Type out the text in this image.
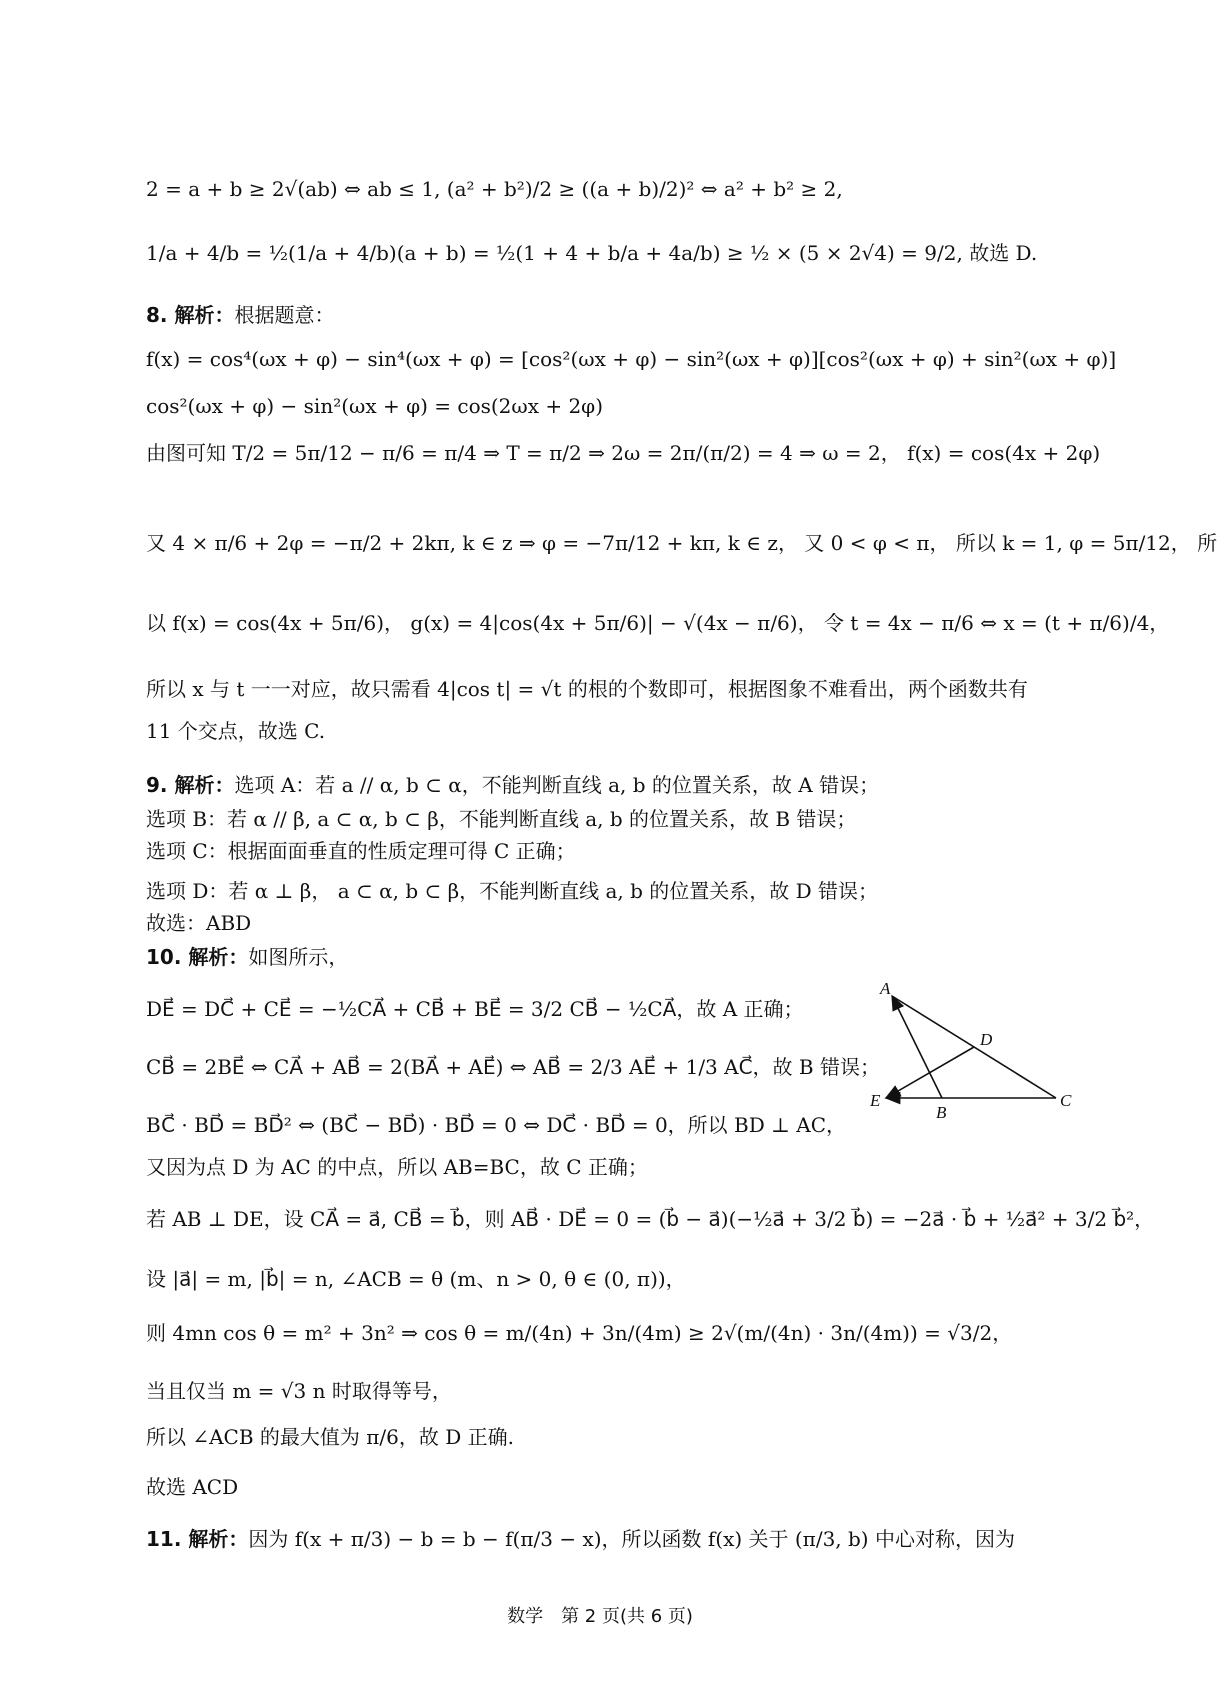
2 = a + b ≥ 2√(ab) ⇔ ab ≤ 1, (a² + b²)/2 ≥ ((a + b)/2)² ⇔ a² + b² ≥ 2,
1/a + 4/b = ½(1/a + 4/b)(a + b) = ½(1 + 4 + b/a + 4a/b) ≥ ½ × (5 × 2√4) = 9/2, 故选 D.
8. 解析：根据题意：
f(x) = cos⁴(ωx + φ) − sin⁴(ωx + φ) = [cos²(ωx + φ) − sin²(ωx + φ)][cos²(ωx + φ) + sin²(ωx + φ)]
cos²(ωx + φ) − sin²(ωx + φ) = cos(2ωx + 2φ)
由图可知 T/2 = 5π/12 − π/6 = π/4 ⇒ T = π/2 ⇒ 2ω = 2π/(π/2) = 4 ⇒ ω = 2， f(x) = cos(4x + 2φ)
又 4 × π/6 + 2φ = −π/2 + 2kπ, k ∈ z ⇒ φ = −7π/12 + kπ, k ∈ z， 又 0 < φ < π， 所以 k = 1, φ = 5π/12， 所
以 f(x) = cos(4x + 5π/6)， g(x) = 4|cos(4x + 5π/6)| − √(4x − π/6)， 令 t = 4x − π/6 ⇔ x = (t + π/6)/4，
所以 x 与 t 一一对应，故只需看 4|cos t| = √t 的根的个数即可，根据图象不难看出，两个函数共有
11 个交点，故选 C.
9. 解析：选项 A：若 a // α, b ⊂ α，不能判断直线 a, b 的位置关系，故 A 错误；
选项 B：若 α // β, a ⊂ α, b ⊂ β，不能判断直线 a, b 的位置关系，故 B 错误；
选项 C：根据面面垂直的性质定理可得 C 正确；
选项 D：若 α ⊥ β， a ⊂ α, b ⊂ β，不能判断直线 a, b 的位置关系，故 D 错误；
故选：ABD
10. 解析：如图所示，
DE⃗ = DC⃗ + CE⃗ = −½CA⃗ + CB⃗ + BE⃗ = 3/2 CB⃗ − ½CA⃗，故 A 正确；
CB⃗ = 2BE⃗ ⇔ CA⃗ + AB⃗ = 2(BA⃗ + AE⃗) ⇔ AB⃗ = 2/3 AE⃗ + 1/3 AC⃗，故 B 错误；
BC⃗ · BD⃗ = BD⃗² ⇔ (BC⃗ − BD⃗) · BD⃗ = 0 ⇔ DC⃗ · BD⃗ = 0，所以 BD ⊥ AC，
又因为点 D 为 AC 的中点，所以 AB=BC，故 C 正确；
若 AB ⊥ DE，设 CA⃗ = a⃗, CB⃗ = b⃗，则 AB⃗ · DE⃗ = 0 = (b⃗ − a⃗)(−½a⃗ + 3/2 b⃗) = −2a⃗ · b⃗ + ½a⃗² + 3/2 b⃗²，
设 |a⃗| = m, |b⃗| = n, ∠ACB = θ (m、n > 0, θ ∈ (0, π))，
则 4mn cos θ = m² + 3n² ⇒ cos θ = m/(4n) + 3n/(4m) ≥ 2√(m/(4n) · 3n/(4m)) = √3/2，
当且仅当 m = √3 n 时取得等号，
所以 ∠ACB 的最大值为 π/6，故 D 正确.
故选 ACD
11. 解析：因为 f(x + π/3) − b = b − f(π/3 − x)，所以函数 f(x) 关于 (π/3, b) 中心对称，因为
A
D
C
E
B
数学　第 2 页(共 6 页)
